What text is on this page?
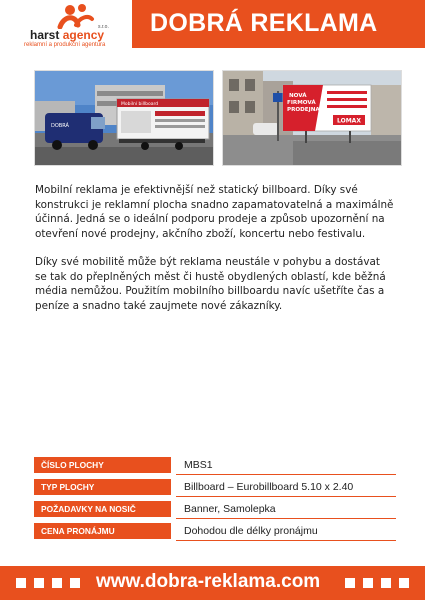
harst agency
s.r.o.
reklamní a produkční agentura
DOBRÁ REKLAMA
DOBRÁ
Mobilní billboard
NOVÁ
FIRMOVÁ
PRODEJNA
LOMAX
Mobilní reklama je efektivnější než statický billboard. Díky své konstrukci je reklamní plocha snadno zapamatovatelná a maximálně účinná. Jedná se o ideální podporu prodeje a způsob upozornění na otevření nové prodejny, akčního zboží, koncertu nebo festivalu.
Díky své mobilitě může být reklama neustále v pohybu a dostávat se tak do přeplněných měst či hustě obydlených oblastí, kde běžná média nemůžou. Použitím mobilního billboardu navíc ušetříte čas a peníze a snadno také zaujmete nové zákazníky.
ČÍSLO PLOCHY	MBS1
TYP PLOCHY	Billboard – Eurobillboard 5.10 x 2.40
POŽADAVKY NA NOSIČ	Banner, Samolepka
CENA PRONÁJMU	Dohodou dle délky pronájmu
www.dobra-reklama.com
